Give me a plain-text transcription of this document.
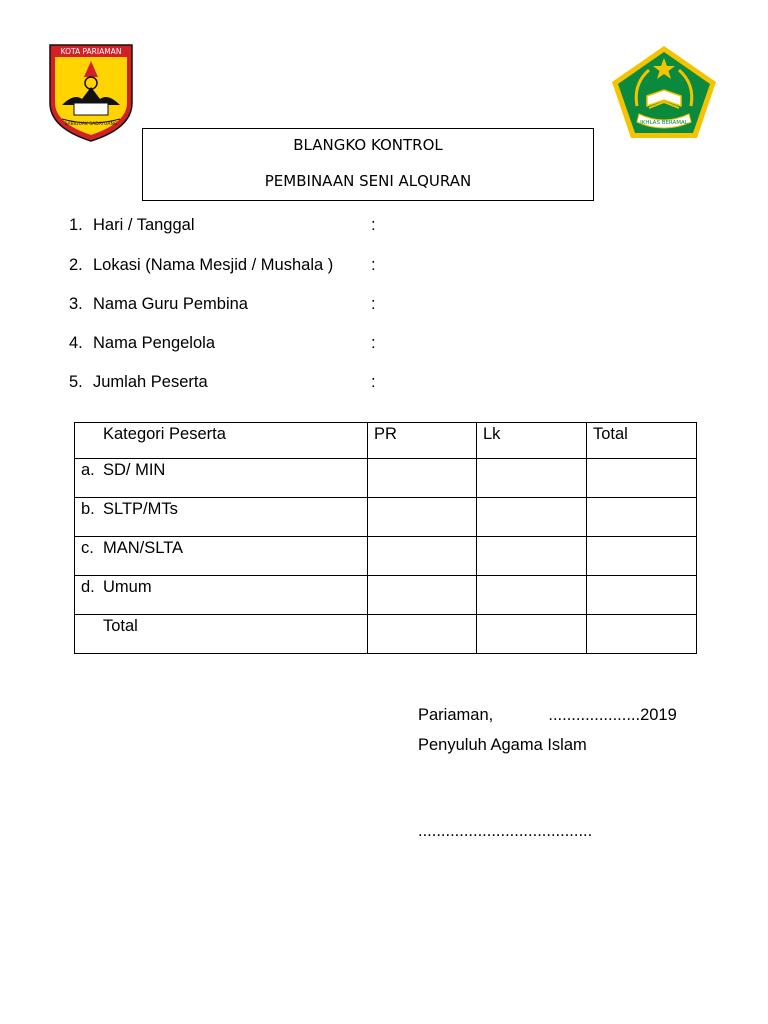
KOTA PARIAMAN
SABIDUAK SADAYUANG	IKHLAS BERAMAL
BLANGKO KONTROL
PEMBINAAN SENI ALQURAN
1. Hari / Tanggal	:
2. Lokasi (Nama Mesjid / Mushala ) :
3. Nama Guru Pembina	:
4. Nama Pengelola	:
5. Jumlah Peserta	:
Kategori Peserta	PR	Lk	Total
a. SD/ MIN			
b. SLTP/MTs			
c. MAN/SLTA			
d. Umum			
Total			
Pariaman,	....................2019
Penyuluh Agama Islam
......................................
